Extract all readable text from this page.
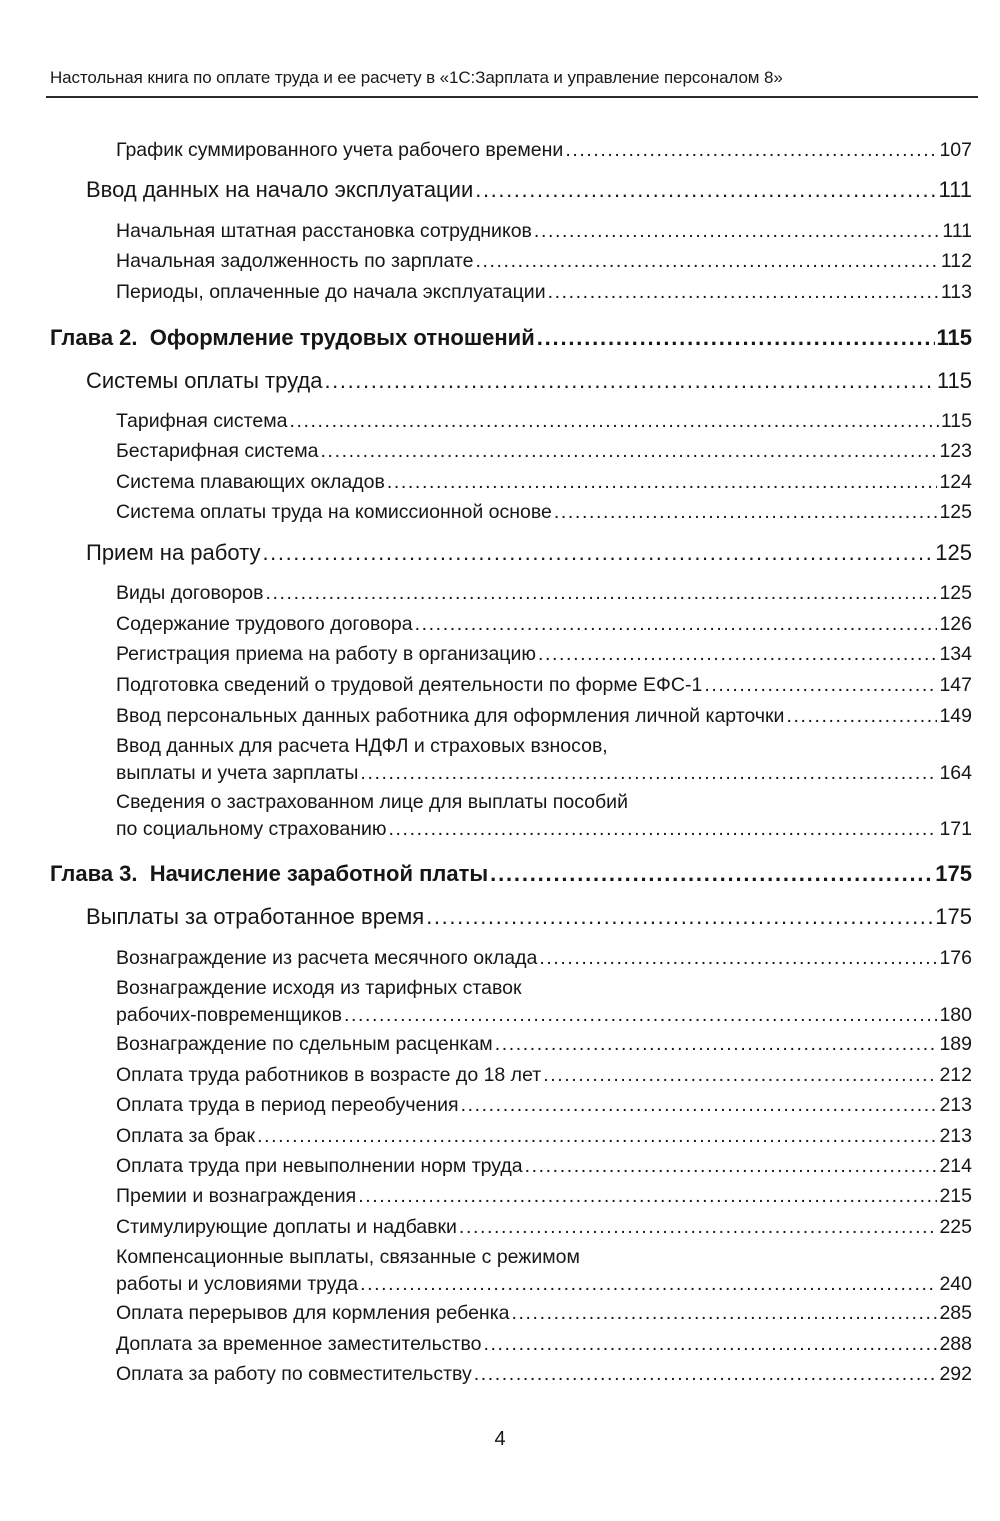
Настольная книга по оплате труда и ее расчету в «1С:Зарплата и управление персоналом 8»
График суммированного учета рабочего времени .....	107
Ввод данных на начало эксплуатации .....	111
Начальная штатная расстановка сотрудников .....	111
Начальная задолженность по зарплате .....	112
Периоды, оплаченные до начала эксплуатации .....	113
Глава 2.  Оформление трудовых отношений .....	115
Системы оплаты труда .....	115
Тарифная система .....	115
Бестарифная система .....	123
Система плавающих окладов .....	124
Система оплаты труда на комиссионной основе .....	125
Прием на работу .....	125
Виды договоров .....	125
Содержание трудового договора .....	126
Регистрация приема на работу в организацию .....	134
Подготовка сведений о трудовой деятельности по форме ЕФС-1 .....	147
Ввод персональных данных работника для оформления личной карточки .....	149
Ввод данных для расчета НДФЛ и страховых взносов,
выплаты и учета зарплаты .....	164
Сведения о застрахованном лице для выплаты пособий
по социальному страхованию .....	171
Глава 3.  Начисление заработной платы .....	175
Выплаты за отработанное время .....	175
Вознаграждение из расчета месячного оклада .....	176
Вознаграждение исходя из тарифных ставок
рабочих-повременщиков .....	180
Вознаграждение по сдельным расценкам .....	189
Оплата труда работников в возрасте до 18 лет .....	212
Оплата труда в период переобучения .....	213
Оплата за брак .....	213
Оплата труда при невыполнении норм труда .....	214
Премии и вознаграждения .....	215
Стимулирующие доплаты и надбавки .....	225
Компенсационные выплаты, связанные с режимом
работы и условиями труда .....	240
Оплата перерывов для кормления ребенка .....	285
Доплата за временное заместительство .....	288
Оплата за работу по совместительству .....	292
4
